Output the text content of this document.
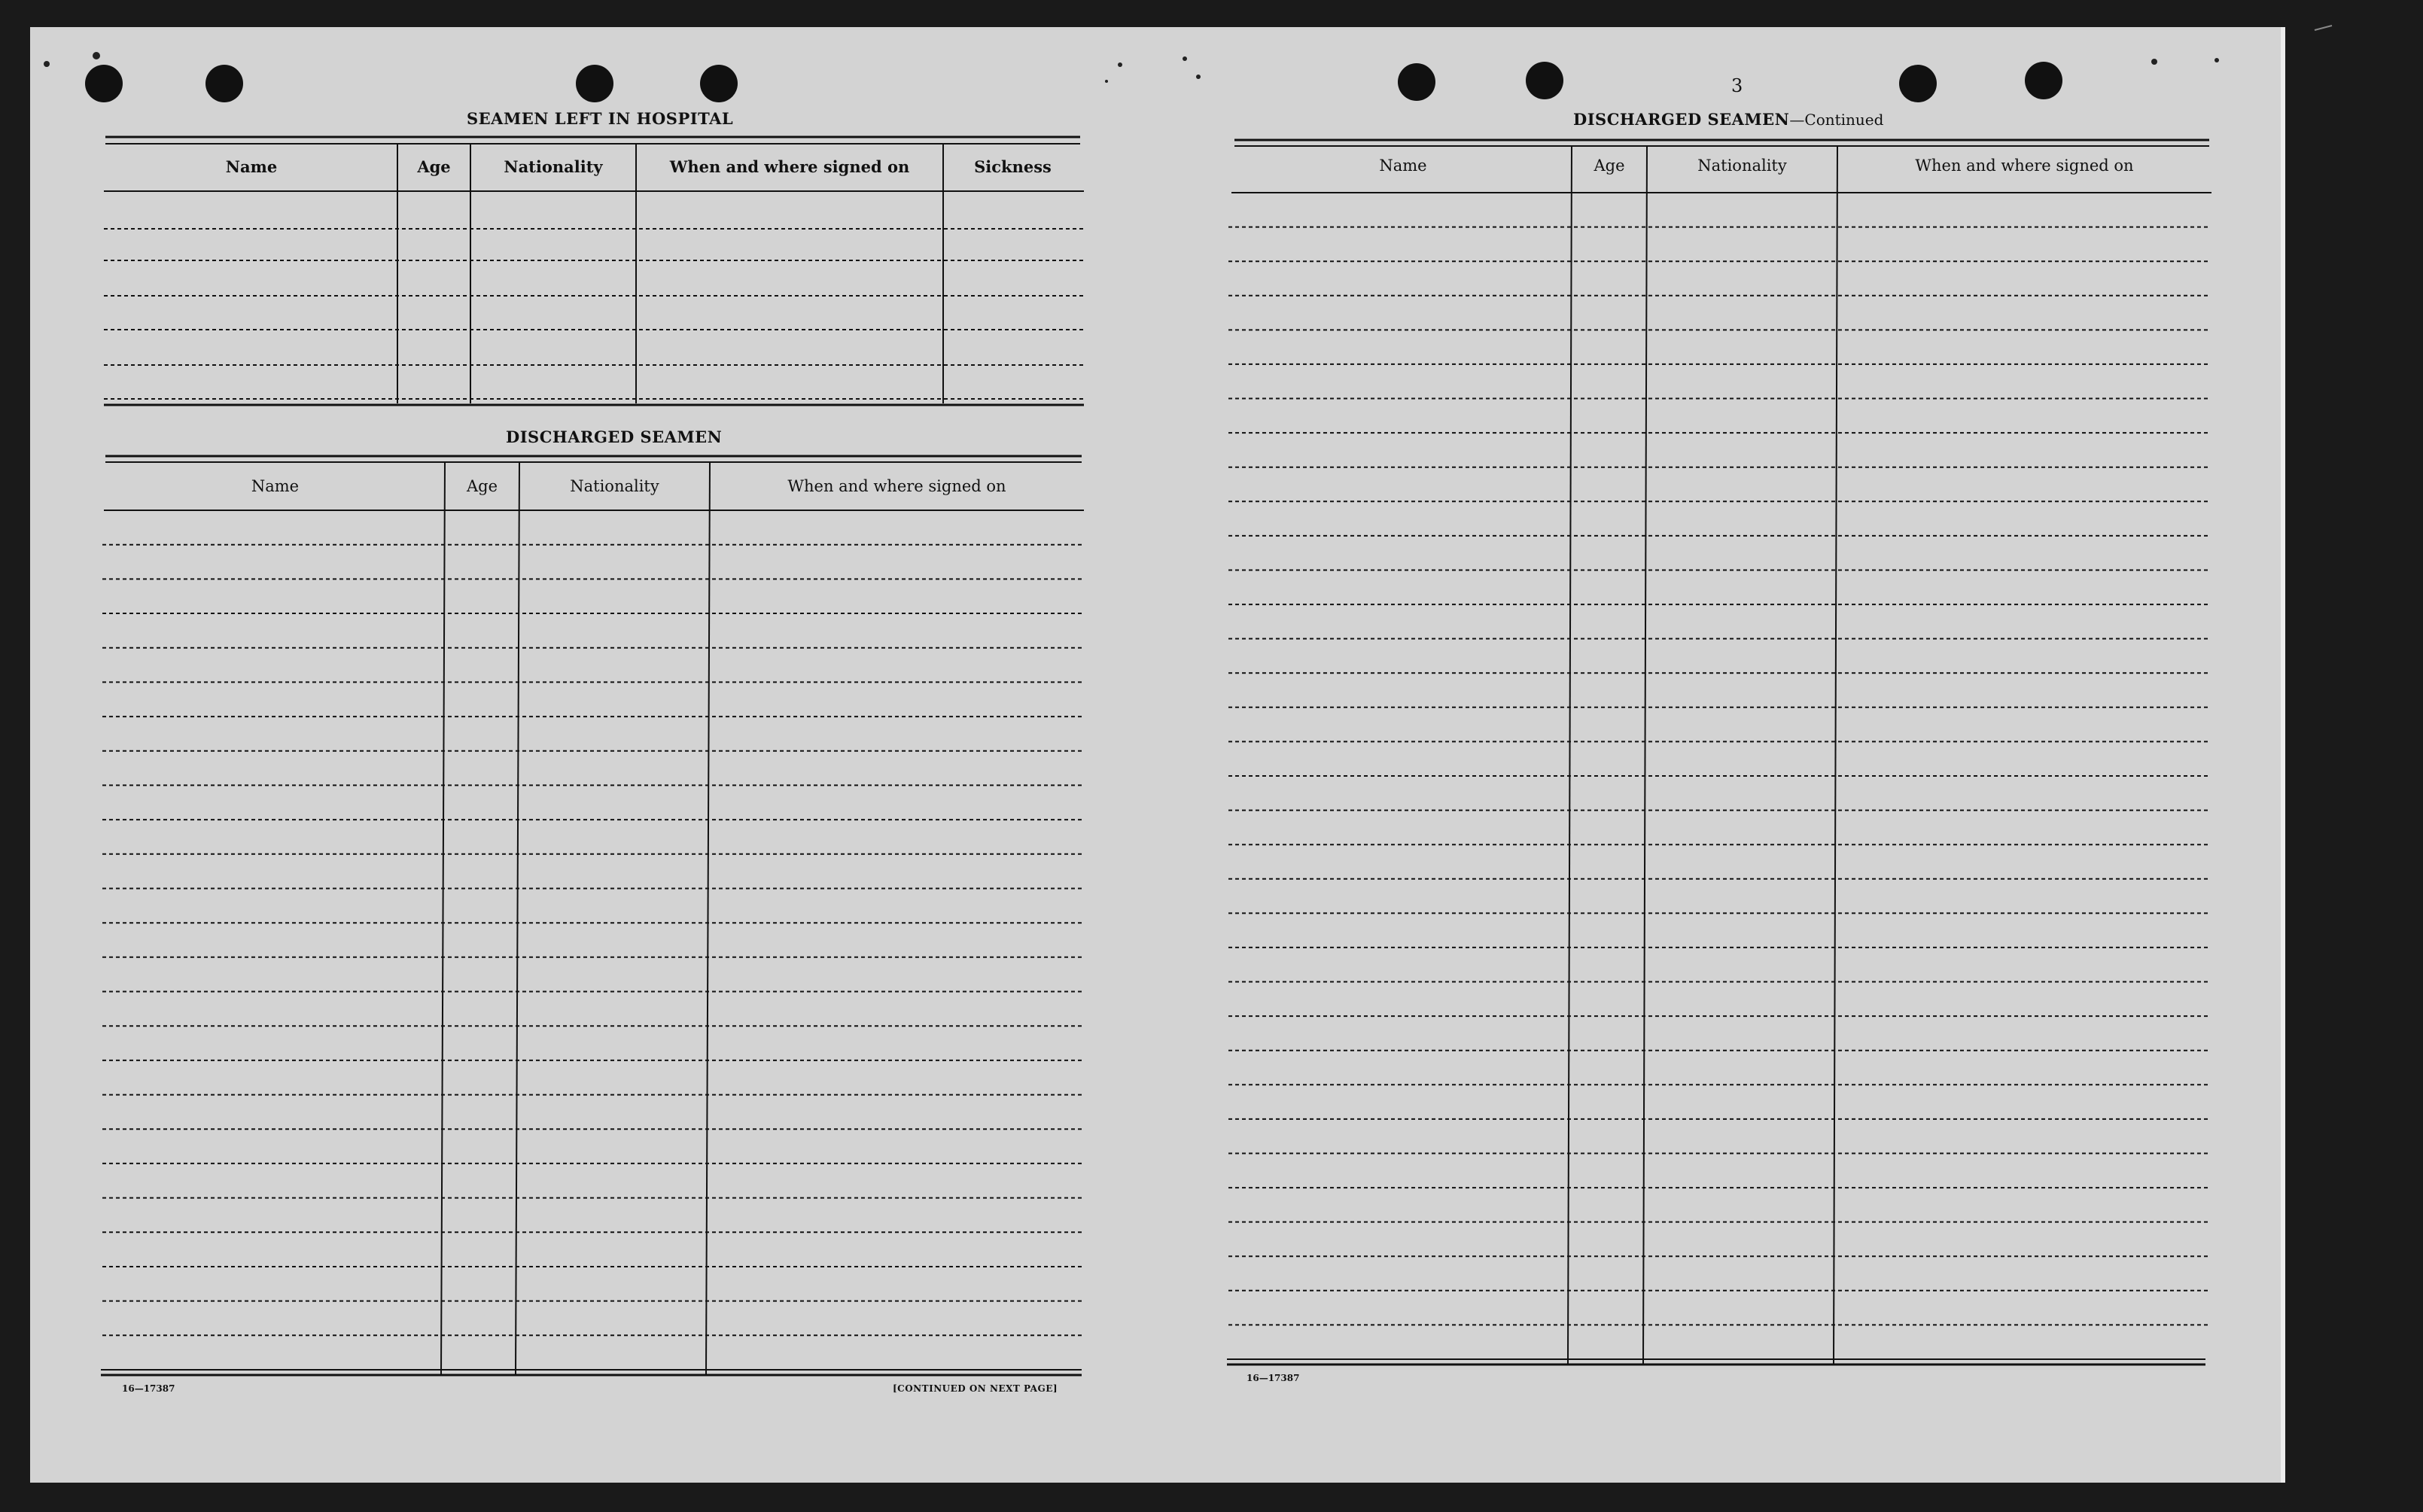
SEAMEN LEFT IN HOSPITAL
Name	Age	Nationality	When and where signed on	Sickness
DISCHARGED SEAMEN
Name	Age	Nationality	When and where signed on
16—17387	[CONTINUED ON NEXT PAGE]
3
DISCHARGED SEAMEN—Continued
Name	Age	Nationality	When and where signed on
16—17387
